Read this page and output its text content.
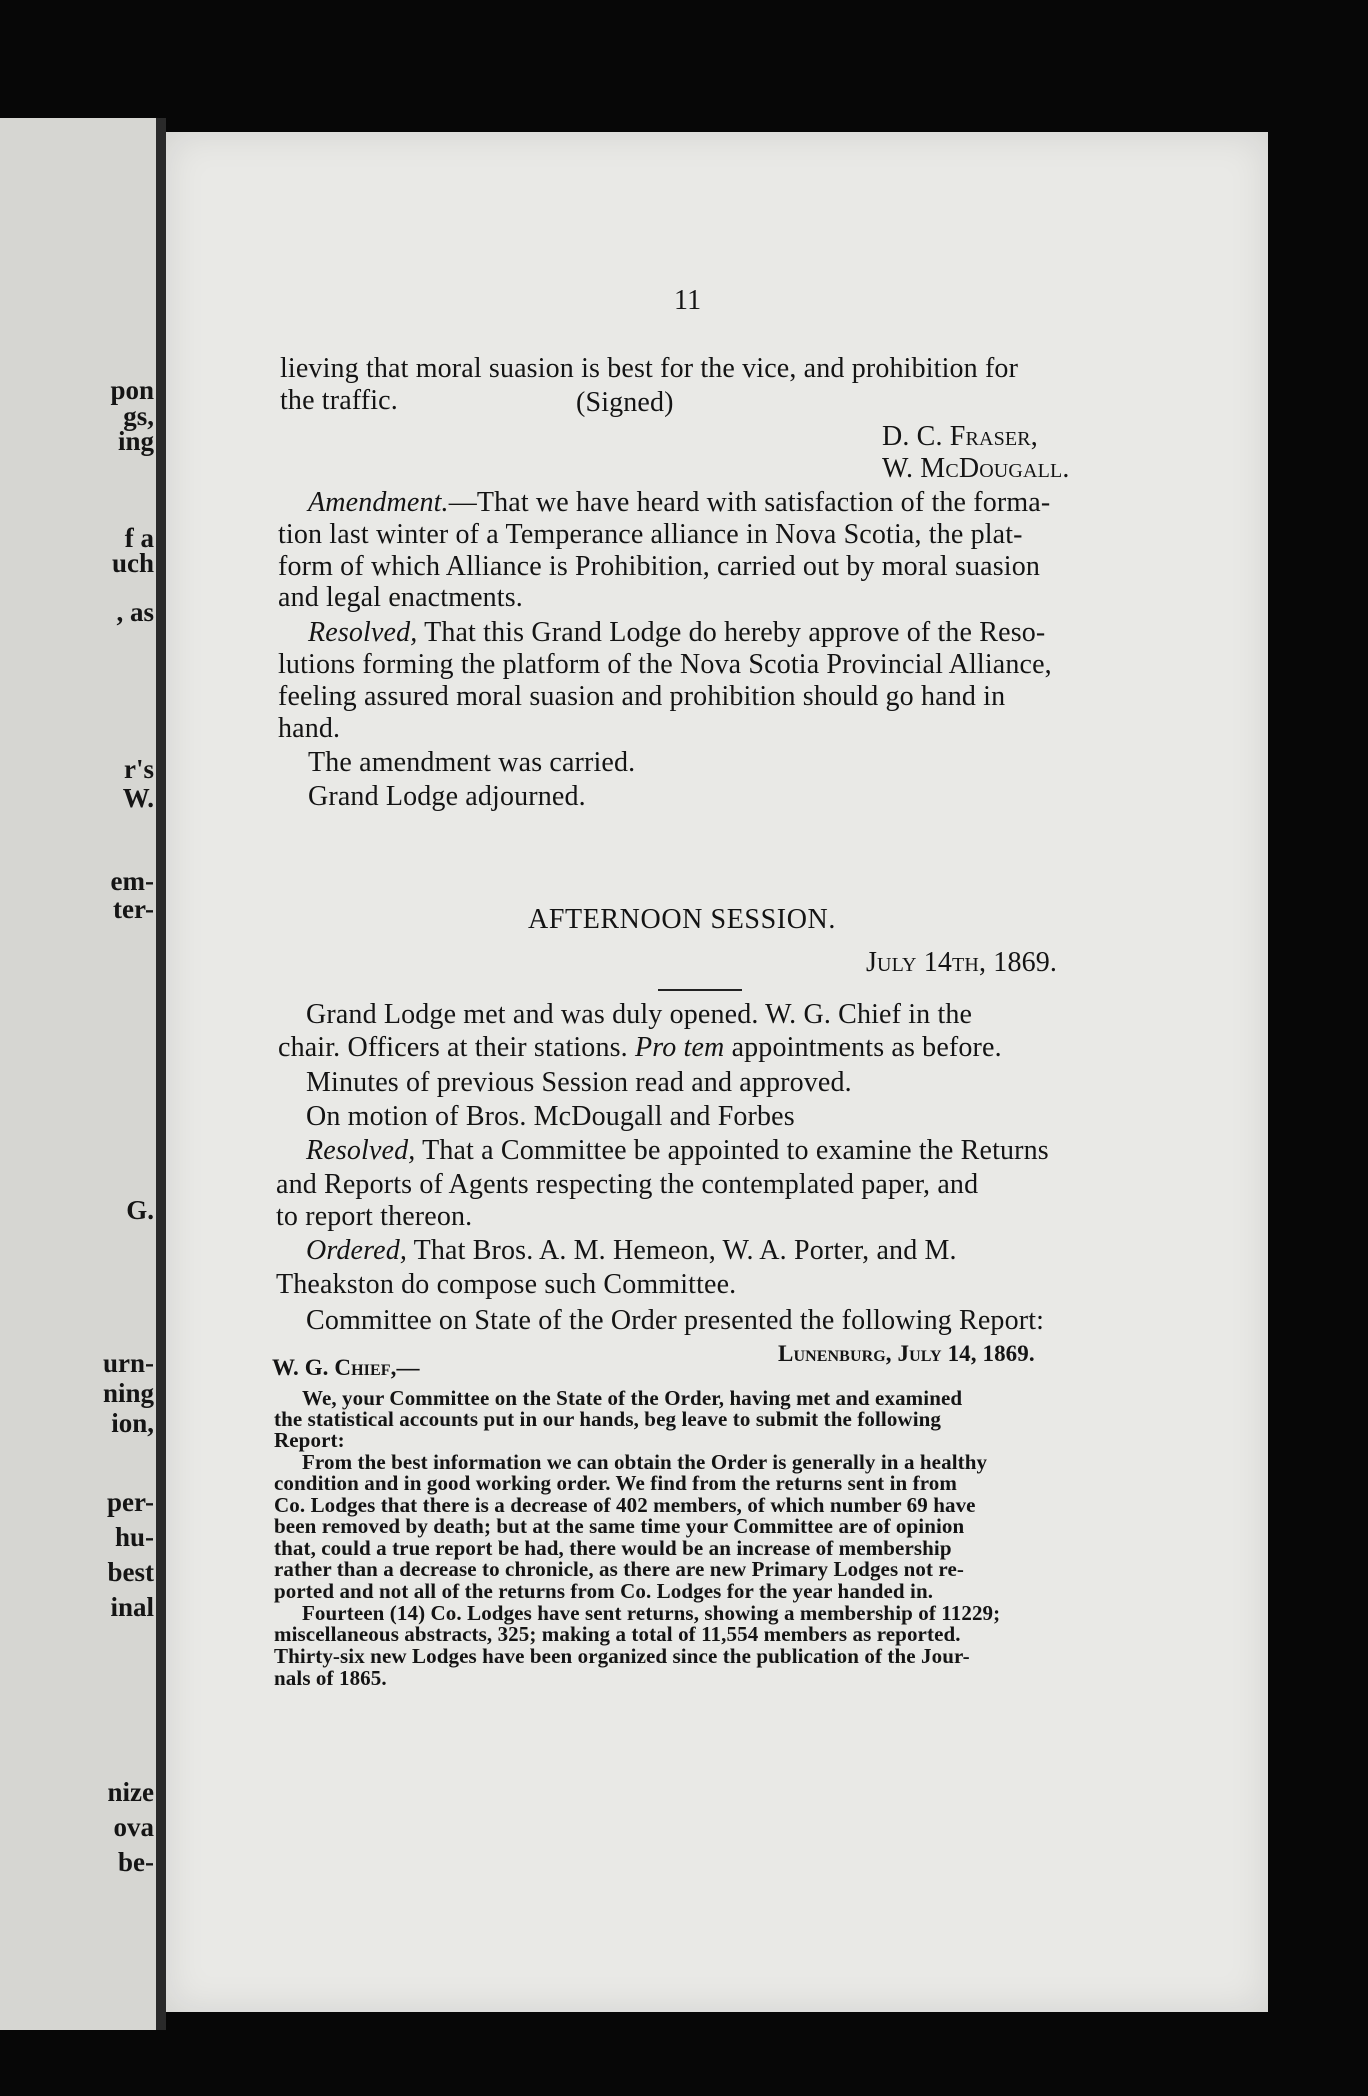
pon
gs,
ing
f a
uch
, as
r's
W.
em-
ter-
G.
urn-
ning
ion,
per-
hu-
best
inal
nize
ova
be-
11
lieving that moral suasion is best for the vice, and prohibition for
the traffic.	(Signed)
D. C. Fraser,
W. McDougall.
Amendment.—That we have heard with satisfaction of the forma-
tion last winter of a Temperance alliance in Nova Scotia, the plat-
form of which Alliance is Prohibition, carried out by moral suasion
and legal enactments.
Resolved, That this Grand Lodge do hereby approve of the Reso-
lutions forming the platform of the Nova Scotia Provincial Alliance,
feeling assured moral suasion and prohibition should go hand in
hand.
The amendment was carried.
Grand Lodge adjourned.
AFTERNOON SESSION.
July 14th, 1869.
Grand Lodge met and was duly opened. W. G. Chief in the
chair. Officers at their stations. Pro tem appointments as before.
Minutes of previous Session read and approved.
On motion of Bros. McDougall and Forbes
Resolved, That a Committee be appointed to examine the Returns
and Reports of Agents respecting the contemplated paper, and
to report thereon.
Ordered, That Bros. A. M. Hemeon, W. A. Porter, and M.
Theakston do compose such Committee.
Committee on State of the Order presented the following Report:
Lunenburg, July 14, 1869.
W. G. Chief,—
We, your Committee on the State of the Order, having met and examined
the statistical accounts put in our hands, beg leave to submit the following
Report:
From the best information we can obtain the Order is generally in a healthy
condition and in good working order. We find from the returns sent in from
Co. Lodges that there is a decrease of 402 members, of which number 69 have
been removed by death; but at the same time your Committee are of opinion
that, could a true report be had, there would be an increase of membership
rather than a decrease to chronicle, as there are new Primary Lodges not re-
ported and not all of the returns from Co. Lodges for the year handed in.
Fourteen (14) Co. Lodges have sent returns, showing a membership of 11229;
miscellaneous abstracts, 325; making a total of 11,554 members as reported.
Thirty-six new Lodges have been organized since the publication of the Jour-
nals of 1865.
